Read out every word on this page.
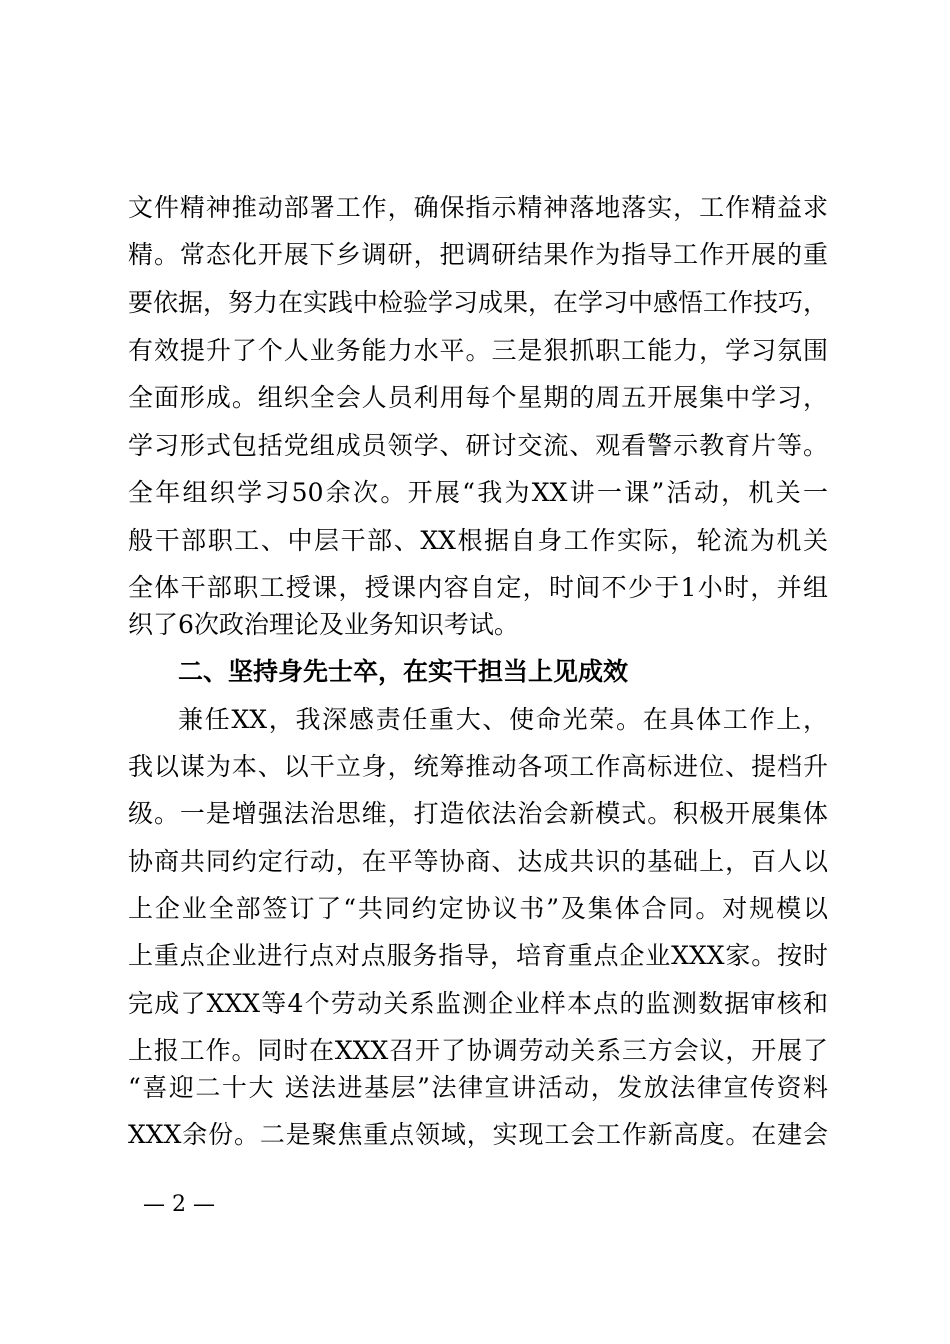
文件精神推动部署工作，确保指示精神落地落实，工作精益求
精。常态化开展下乡调研，把调研结果作为指导工作开展的重
要依据，努力在实践中检验学习成果，在学习中感悟工作技巧，
有效提升了个人业务能力水平。三是狠抓职工能力，学习氛围
全面形成。组织全会人员利用每个星期的周五开展集中学习，
学习形式包括党组成员领学、研讨交流、观看警示教育片等。
全年组织学习50余次。开展“我为XX讲一课”活动，机关一
般干部职工、中层干部、XX根据自身工作实际，轮流为机关
全体干部职工授课，授课内容自定，时间不少于1小时，并组
织了6次政治理论及业务知识考试。
二、坚持身先士卒，在实干担当上见成效
兼任XX，我深感责任重大、使命光荣。在具体工作上，
我以谋为本、以干立身，统筹推动各项工作高标进位、提档升
级。一是增强法治思维，打造依法治会新模式。积极开展集体
协商共同约定行动，在平等协商、达成共识的基础上，百人以
上企业全部签订了“共同约定协议书”及集体合同。对规模以
上重点企业进行点对点服务指导，培育重点企业XXX家。按时
完成了XXX等4个劳动关系监测企业样本点的监测数据审核和
上报工作。同时在XXX召开了协调劳动关系三方会议，开展了
“喜迎二十大 送法进基层”法律宣讲活动，发放法律宣传资料
XXX余份。二是聚焦重点领域，实现工会工作新高度。在建会
— 2 —
